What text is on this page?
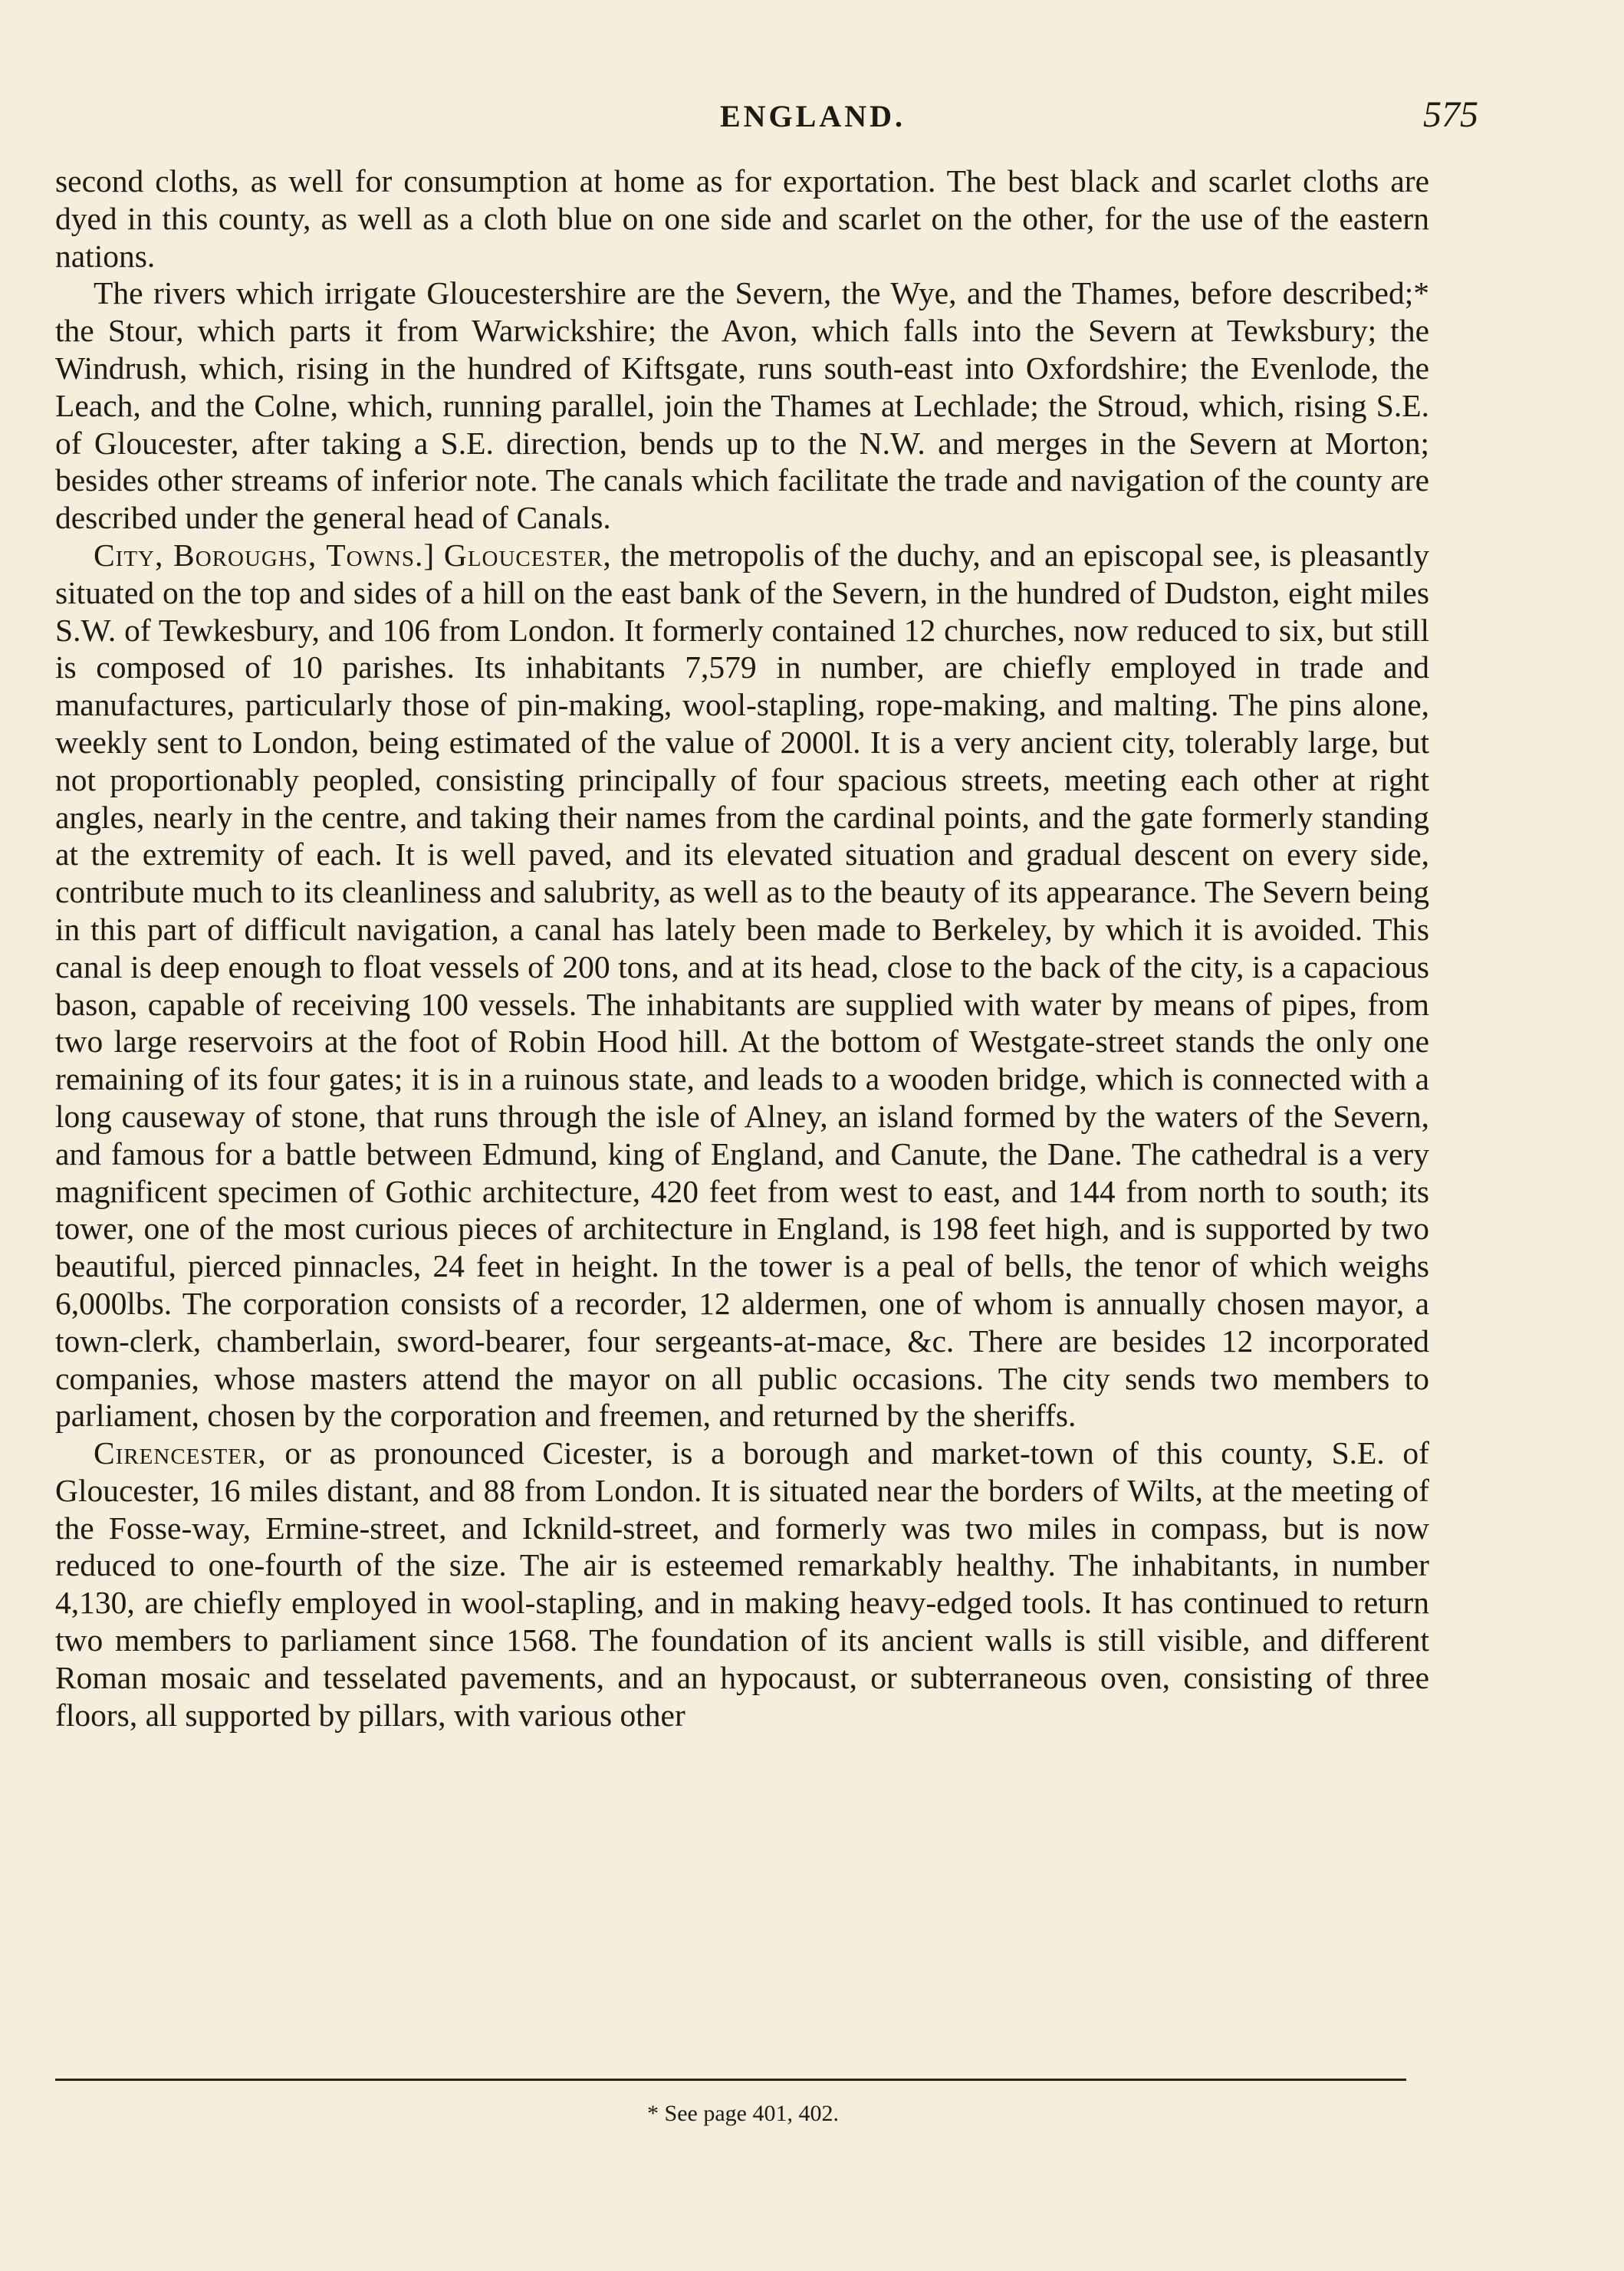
ENGLAND.	575

second cloths, as well for consumption at home as for exportation. The best black and scarlet cloths are dyed in this county, as well as a cloth blue on one side and scarlet on the other, for the use of the eastern nations.

The rivers which irrigate Gloucestershire are the Severn, the Wye, and the Thames, before described;* the Stour, which parts it from Warwickshire; the Avon, which falls into the Severn at Tewksbury; the Windrush, which, rising in the hundred of Kiftsgate, runs south-east into Oxfordshire; the Evenlode, the Leach, and the Colne, which, running parallel, join the Thames at Lechlade; the Stroud, which, rising S.E. of Gloucester, after taking a S.E. direction, bends up to the N.W. and merges in the Severn at Morton; besides other streams of inferior note. The canals which facilitate the trade and navigation of the county are described under the general head of Canals.

City, Boroughs, Towns.] Gloucester, the metropolis of the duchy, and an episcopal see, is pleasantly situated on the top and sides of a hill on the east bank of the Severn, in the hundred of Dudston, eight miles S.W. of Tewkesbury, and 106 from London. It formerly contained 12 churches, now reduced to six, but still is composed of 10 parishes. Its inhabitants 7,579 in number, are chiefly employed in trade and manufactures, particularly those of pin-making, wool-stapling, rope-making, and malting. The pins alone, weekly sent to London, being estimated of the value of 2000l. It is a very ancient city, tolerably large, but not proportionably peopled, consisting principally of four spacious streets, meeting each other at right angles, nearly in the centre, and taking their names from the cardinal points, and the gate formerly standing at the extremity of each. It is well paved, and its elevated situation and gradual descent on every side, contribute much to its cleanliness and salubrity, as well as to the beauty of its appearance. The Severn being in this part of difficult navigation, a canal has lately been made to Berkeley, by which it is avoided. This canal is deep enough to float vessels of 200 tons, and at its head, close to the back of the city, is a capacious bason, capable of receiving 100 vessels. The inhabitants are supplied with water by means of pipes, from two large reservoirs at the foot of Robin Hood hill. At the bottom of Westgate-street stands the only one remaining of its four gates; it is in a ruinous state, and leads to a wooden bridge, which is connected with a long causeway of stone, that runs through the isle of Alney, an island formed by the waters of the Severn, and famous for a battle between Edmund, king of England, and Canute, the Dane. The cathedral is a very magnificent specimen of Gothic architecture, 420 feet from west to east, and 144 from north to south; its tower, one of the most curious pieces of architecture in England, is 198 feet high, and is supported by two beautiful, pierced pinnacles, 24 feet in height. In the tower is a peal of bells, the tenor of which weighs 6,000lbs. The corporation consists of a recorder, 12 aldermen, one of whom is annually chosen mayor, a town-clerk, chamberlain, sword-bearer, four sergeants-at-mace, &c. There are besides 12 incorporated companies, whose masters attend the mayor on all public occasions. The city sends two members to parliament, chosen by the corporation and freemen, and returned by the sheriffs.

Cirencester, or as pronounced Cicester, is a borough and market-town of this county, S.E. of Gloucester, 16 miles distant, and 88 from London. It is situated near the borders of Wilts, at the meeting of the Fosse-way, Ermine-street, and Icknild-street, and formerly was two miles in compass, but is now reduced to one-fourth of the size. The air is esteemed remarkably healthy. The inhabitants, in number 4,130, are chiefly employed in wool-stapling, and in making heavy-edged tools. It has continued to return two members to parliament since 1568. The foundation of its ancient walls is still visible, and different Roman mosaic and tesselated pavements, and an hypocaust, or subterraneous oven, consisting of three floors, all supported by pillars, with various other

* See page 401, 402.
